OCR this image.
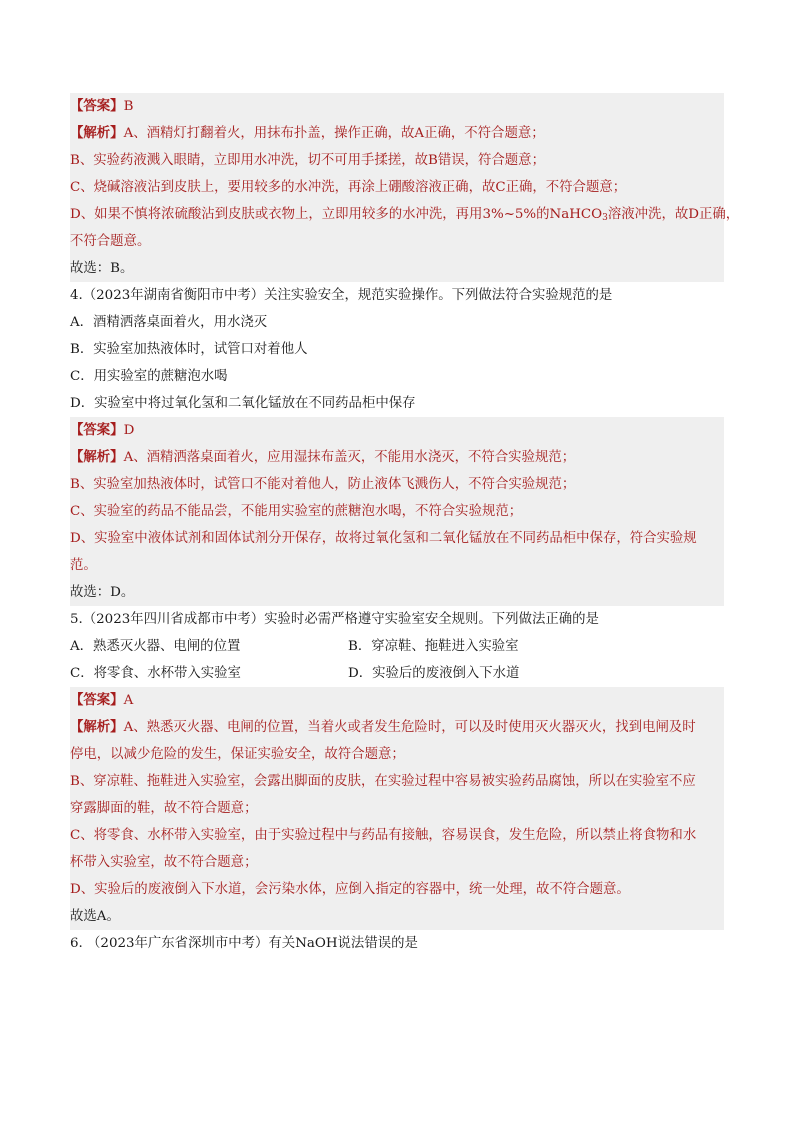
【答案】B
【解析】A、酒精灯打翻着火，用抹布扑盖，操作正确，故A正确，不符合题意；
B、实验药液溅入眼睛，立即用水冲洗，切不可用手揉搓，故B错误，符合题意；
C、烧碱溶液沾到皮肤上，要用较多的水冲洗，再涂上硼酸溶液正确，故C正确，不符合题意；
D、如果不慎将浓硫酸沾到皮肤或衣物上，立即用较多的水冲洗，再用3%~5%的NaHCO$_3$溶液冲洗，故D正确，
不符合题意。
故选：B。
4.（2023年湖南省衡阳市中考）关注实验安全，规范实验操作。下列做法符合实验规范的是
A．酒精洒落桌面着火，用水浇灭
B．实验室加热液体时，试管口对着他人
C．用实验室的蔗糖泡水喝
D．实验室中将过氧化氢和二氧化锰放在不同药品柜中保存
【答案】D
【解析】A、酒精洒落桌面着火，应用湿抹布盖灭，不能用水浇灭，不符合实验规范；
B、实验室加热液体时，试管口不能对着他人，防止液体飞溅伤人，不符合实验规范；
C、实验室的药品不能品尝，不能用实验室的蔗糖泡水喝，不符合实验规范；
D、实验室中液体试剂和固体试剂分开保存，故将过氧化氢和二氧化锰放在不同药品柜中保存，符合实验规
范。
故选：D。
5.（2023年四川省成都市中考）实验时必需严格遵守实验室安全规则。下列做法正确的是
A．熟悉灭火器、电闸的位置	B．穿凉鞋、拖鞋进入实验室
C．将零食、水杯带入实验室	D．实验后的废液倒入下水道
【答案】A
【解析】A、熟悉灭火器、电闸的位置，当着火或者发生危险时，可以及时使用灭火器灭火，找到电闸及时
停电，以减少危险的发生，保证实验安全，故符合题意；
B、穿凉鞋、拖鞋进入实验室，会露出脚面的皮肤，在实验过程中容易被实验药品腐蚀，所以在实验室不应
穿露脚面的鞋，故不符合题意；
C、将零食、水杯带入实验室，由于实验过程中与药品有接触，容易误食，发生危险，所以禁止将食物和水
杯带入实验室，故不符合题意；
D、实验后的废液倒入下水道，会污染水体，应倒入指定的容器中，统一处理，故不符合题意。
故选A。
6. （2023年广东省深圳市中考）有关NaOH说法错误的是
